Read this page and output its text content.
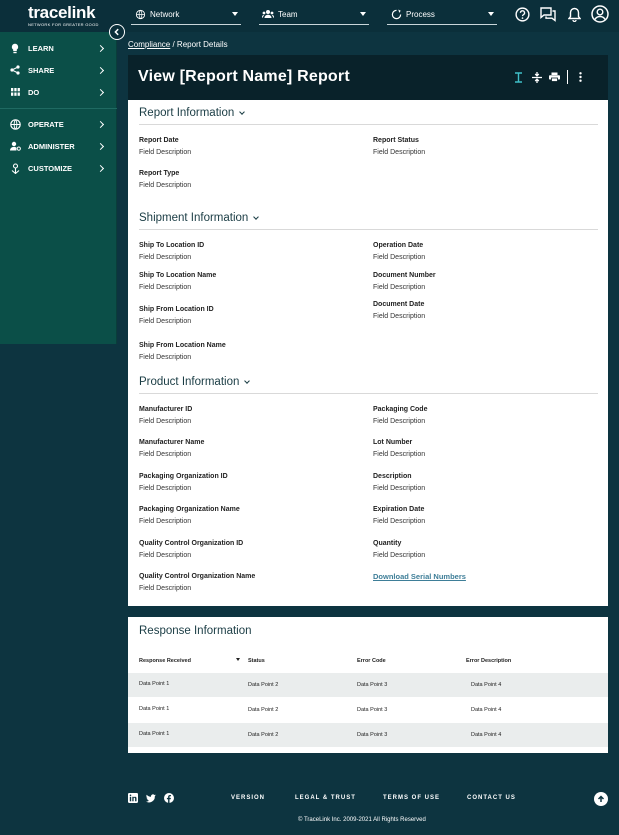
tracelink
NETWORK FOR GREATER GOOD
Network	Team	Process
LEARN
SHARE
DO
OPERATE
ADMINISTER
CUSTOMIZE
Compliance / Report Details
View [Report Name] Report
Report Information
Report Date
Field Description
Report Status
Field Description
Report Type
Field Description
Shipment Information
Ship To Location ID
Field Description
Ship To Location Name
Field Description
Ship From Location ID
Field Description
Ship From Location Name
Field Description
Operation Date
Field Description
Document Number
Field Description
Document Date
Field Description
Product Information
Manufacturer ID
Field Description
Manufacturer Name
Field Description
Packaging Organization ID
Field Description
Packaging Organization Name
Field Description
Quality Control Organization ID
Field Description
Quality Control Organization Name
Field Description
Packaging Code
Field Description
Lot Number
Field Description
Description
Field Description
Expiration Date
Field Description
Quantity
Field Description
Download Serial Numbers
Response Information
Response Received	Status	Error Code	Error Description
Data Point 1	Data Point 2	Data Point 3	Data Point 4
Data Point 1	Data Point 2	Data Point 3	Data Point 4
Data Point 1	Data Point 2	Data Point 3	Data Point 4
VERSION	LEGAL & TRUST	TERMS OF USE	CONTACT US
© TraceLink Inc. 2009-2021 All Rights Reserved
